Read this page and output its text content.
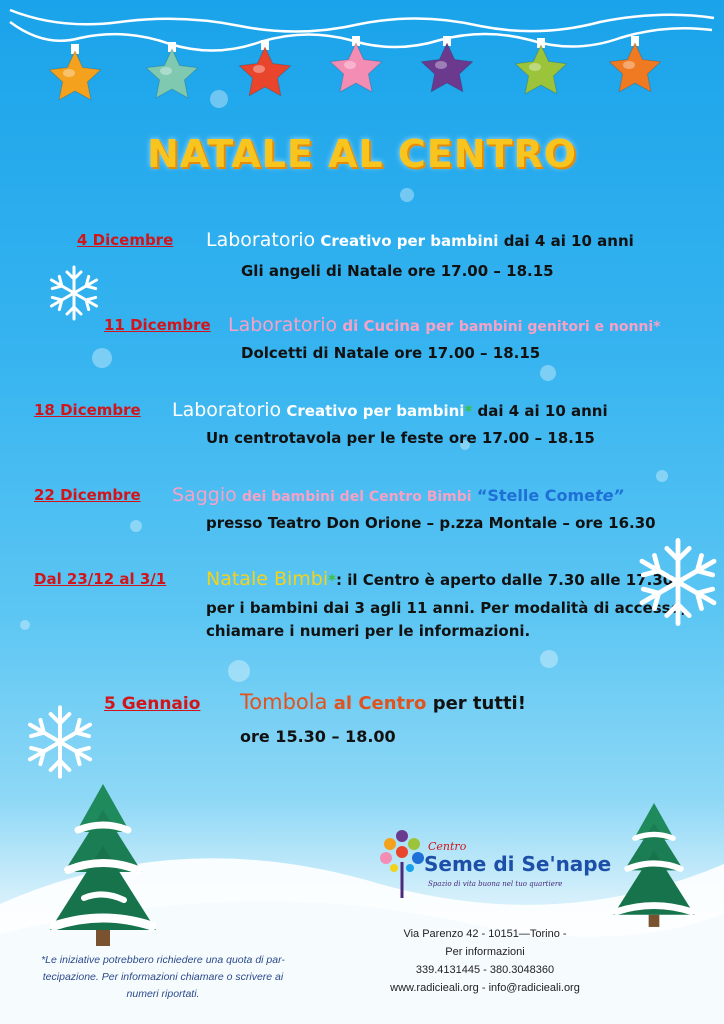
NATALE AL CENTRO
4 Dicembre Laboratorio Creativo per bambini dai 4 ai 10 anni
Gli angeli di Natale ore 17.00 – 18.15
11 Dicembre Laboratorio di Cucina per bambini genitori e nonni*
Dolcetti di Natale ore 17.00 – 18.15
18 Dicembre Laboratorio Creativo per bambini* dai 4 ai 10 anni
Un centrotavola per le feste ore 17.00 – 18.15
22 Dicembre Saggio dei bambini del Centro Bimbi “Stelle Comete”
presso Teatro Don Orione – p.zza Montale – ore 16.30
Dal 23/12 al 3/1 Natale Bimbi*: il Centro è aperto dalle 7.30 alle 17.30
per i bambini dai 3 agli 11 anni. Per modalità di accesso,
chiamare i numeri per le informazioni.
5 Gennaio Tombola al Centro per tutti!
ore 15.30 – 18.00
Centro
Seme di Se'nape
Spazio di vita buona nel tuo quartiere
Via Parenzo 42 - 10151—Torino -
Per informazioni
339.4131445 - 380.3048360
www.radicieali.org - info@radicieali.org
*Le iniziative potrebbero richiedere una quota di par-tecipazione. Per informazioni chiamare o scrivere ai numeri riportati.
